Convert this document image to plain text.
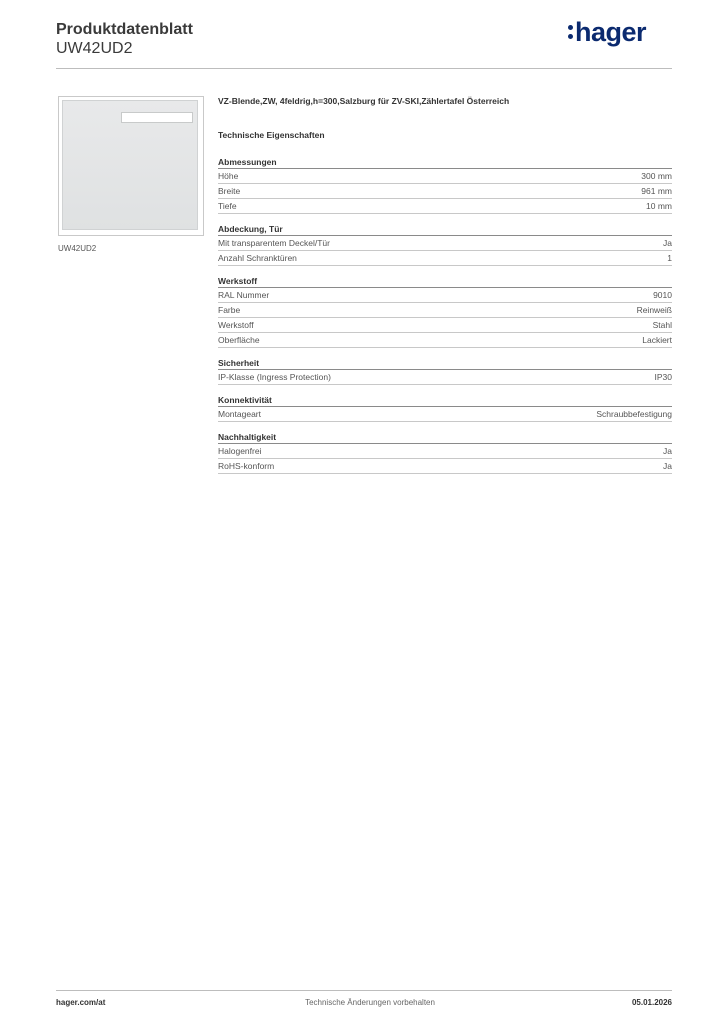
Produktdatenblatt
UW42UD2
hager
UW42UD2
VZ-Blende,ZW, 4feldrig,h=300,Salzburg für ZV-SKI,Zählertafel Österreich
Technische Eigenschaften
Abmessungen
Höhe	300 mm
Breite	961 mm
Tiefe	10 mm
Abdeckung, Tür
Mit transparentem Deckel/Tür	Ja
Anzahl Schranktüren	1
Werkstoff
RAL Nummer	9010
Farbe	Reinweiß
Werkstoff	Stahl
Oberfläche	Lackiert
Sicherheit
IP-Klasse (Ingress Protection)	IP30
Konnektivität
Montageart	Schraubbefestigung
Nachhaltigkeit
Halogenfrei	Ja
RoHS-konform	Ja
hager.com/at	Technische Änderungen vorbehalten	05.01.2026
